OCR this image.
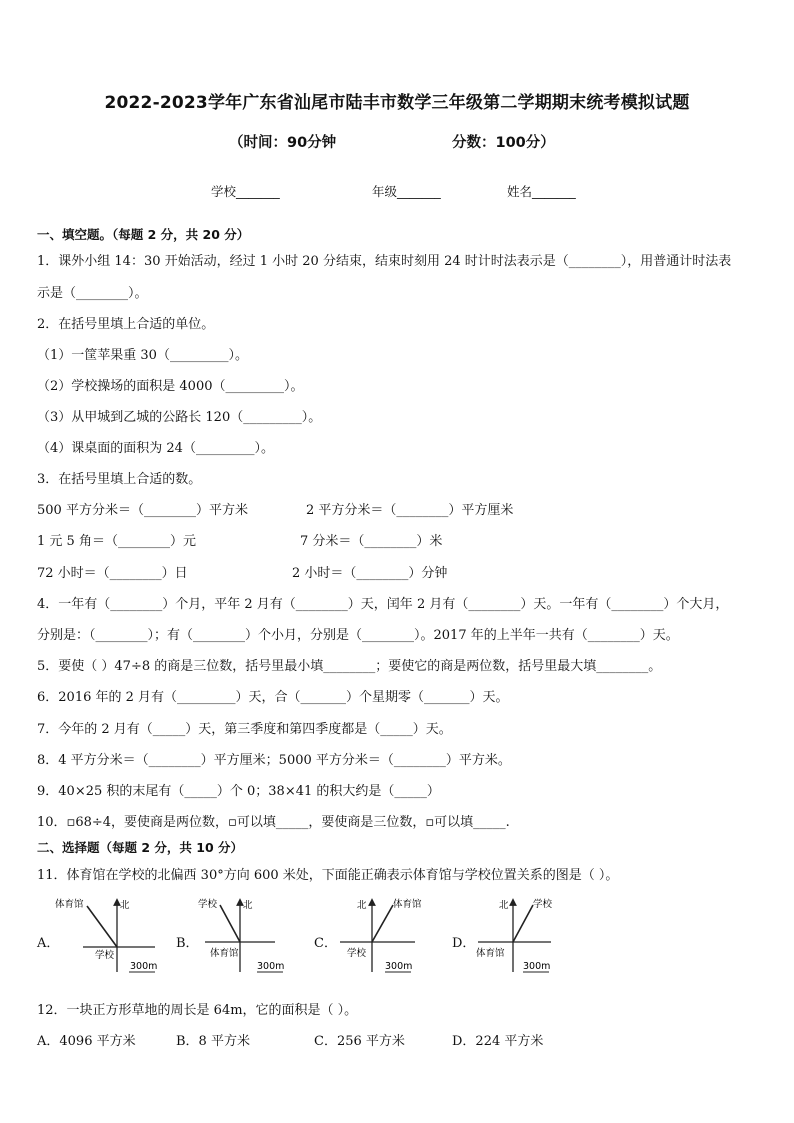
2022-2023学年广东省汕尾市陆丰市数学三年级第二学期期末统考模拟试题
（时间：90分钟	分数：100分）
学校_______	年级_______	姓名_______
一、填空题。（每题 2 分，共 20 分）
1．课外小组 14：30 开始活动，经过 1 小时 20 分结束，结束时刻用 24 时计时法表示是（________），用普通计时法表
示是（________）。
2．在括号里填上合适的单位。
（1）一筐苹果重 30（_________）。
（2）学校操场的面积是 4000（_________）。
（3）从甲城到乙城的公路长 120（_________）。
（4）课桌面的面积为 24（_________）。
3．在括号里填上合适的数。
500 平方分米＝（________）平方米	2 平方分米＝（________）平方厘米
1 元 5 角＝（________）元	7 分米＝（________）米
72 小时＝（________）日	2 小时＝（________）分钟
4．一年有（________）个月，平年 2 月有（________）天，闰年 2 月有（________）天。一年有（________）个大月，
分别是：（________）；有（________）个小月，分别是（________）。2017 年的上半年一共有（________）天。
5．要使（ ）47÷8 的商是三位数，括号里最小填________；要使它的商是两位数，括号里最大填________。
6．2016 年的 2 月有（_________）天，合（_______）个星期零（_______）天。
7．今年的 2 月有（_____）天，第三季度和第四季度都是（_____）天。
8．4 平方分米＝（________）平方厘米；5000 平方分米＝（________）平方米。
9．40×25 积的末尾有（_____）个 0；38×41 的积大约是（_____）
10．▫68÷4，要使商是两位数，▫可以填_____，要使商是三位数，▫可以填_____.
二、选择题（每题 2 分，共 10 分）
11．体育馆在学校的北偏西 30°方向 600 米处，下面能正确表示体育馆与学校位置关系的图是（ ）。
A．
体育馆	北
学校
300m
B．
学校	北
体育馆
300m
C．
体育馆
北
学校
300m
D．
学校
北
体育馆
300m
12．一块正方形草地的周长是 64m，它的面积是（ ）。
A．4096 平方米	B．8 平方米	C．256 平方米	D．224 平方米
